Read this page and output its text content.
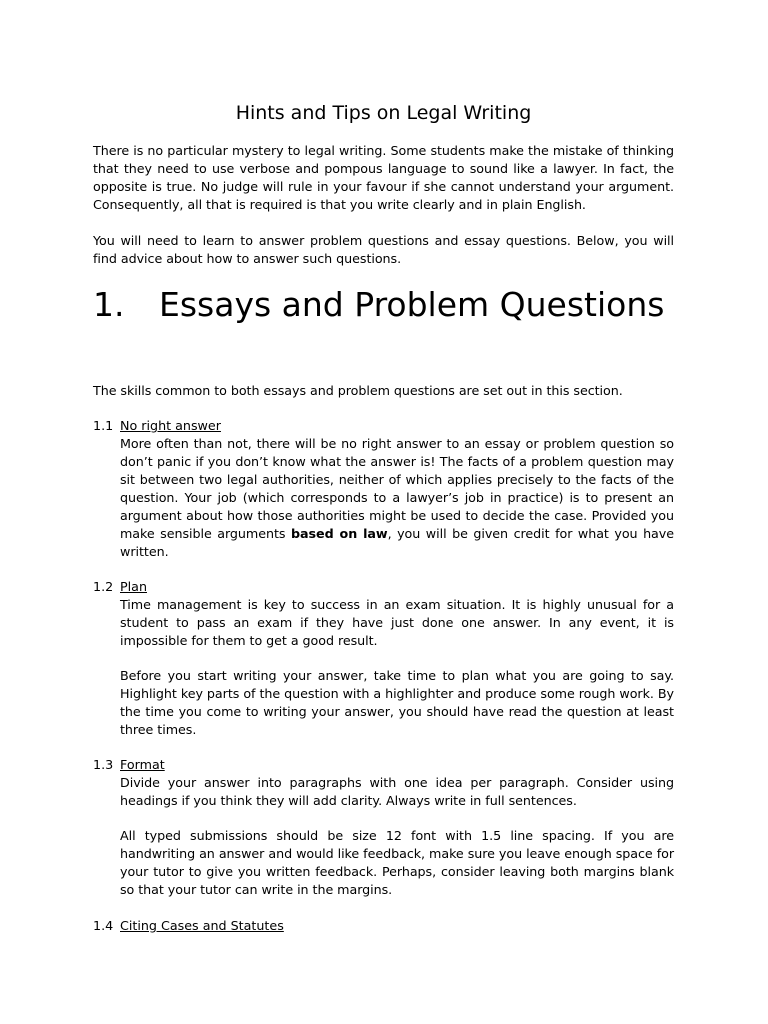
Hints and Tips on Legal Writing

There is no particular mystery to legal writing. Some students make the mistake of thinking that they need to use verbose and pompous language to sound like a lawyer. In fact, the opposite is true. No judge will rule in your favour if she cannot understand your argument. Consequently, all that is required is that you write clearly and in plain English.

You will need to learn to answer problem questions and essay questions. Below, you will find advice about how to answer such questions.

1. Essays and Problem Questions

The skills common to both essays and problem questions are set out in this section.

1.1 No right answer

More often than not, there will be no right answer to an essay or problem question so don’t panic if you don’t know what the answer is! The facts of a problem question may sit between two legal authorities, neither of which applies precisely to the facts of the question. Your job (which corresponds to a lawyer’s job in practice) is to present an argument about how those authorities might be used to decide the case. Provided you make sensible arguments based on law, you will be given credit for what you have written.

1.2 Plan

Time management is key to success in an exam situation. It is highly unusual for a student to pass an exam if they have just done one answer. In any event, it is impossible for them to get a good result.

Before you start writing your answer, take time to plan what you are going to say. Highlight key parts of the question with a highlighter and produce some rough work. By the time you come to writing your answer, you should have read the question at least three times.

1.3 Format

Divide your answer into paragraphs with one idea per paragraph. Consider using headings if you think they will add clarity. Always write in full sentences.

All typed submissions should be size 12 font with 1.5 line spacing. If you are handwriting an answer and would like feedback, make sure you leave enough space for your tutor to give you written feedback. Perhaps, consider leaving both margins blank so that your tutor can write in the margins.

1.4 Citing Cases and Statutes
